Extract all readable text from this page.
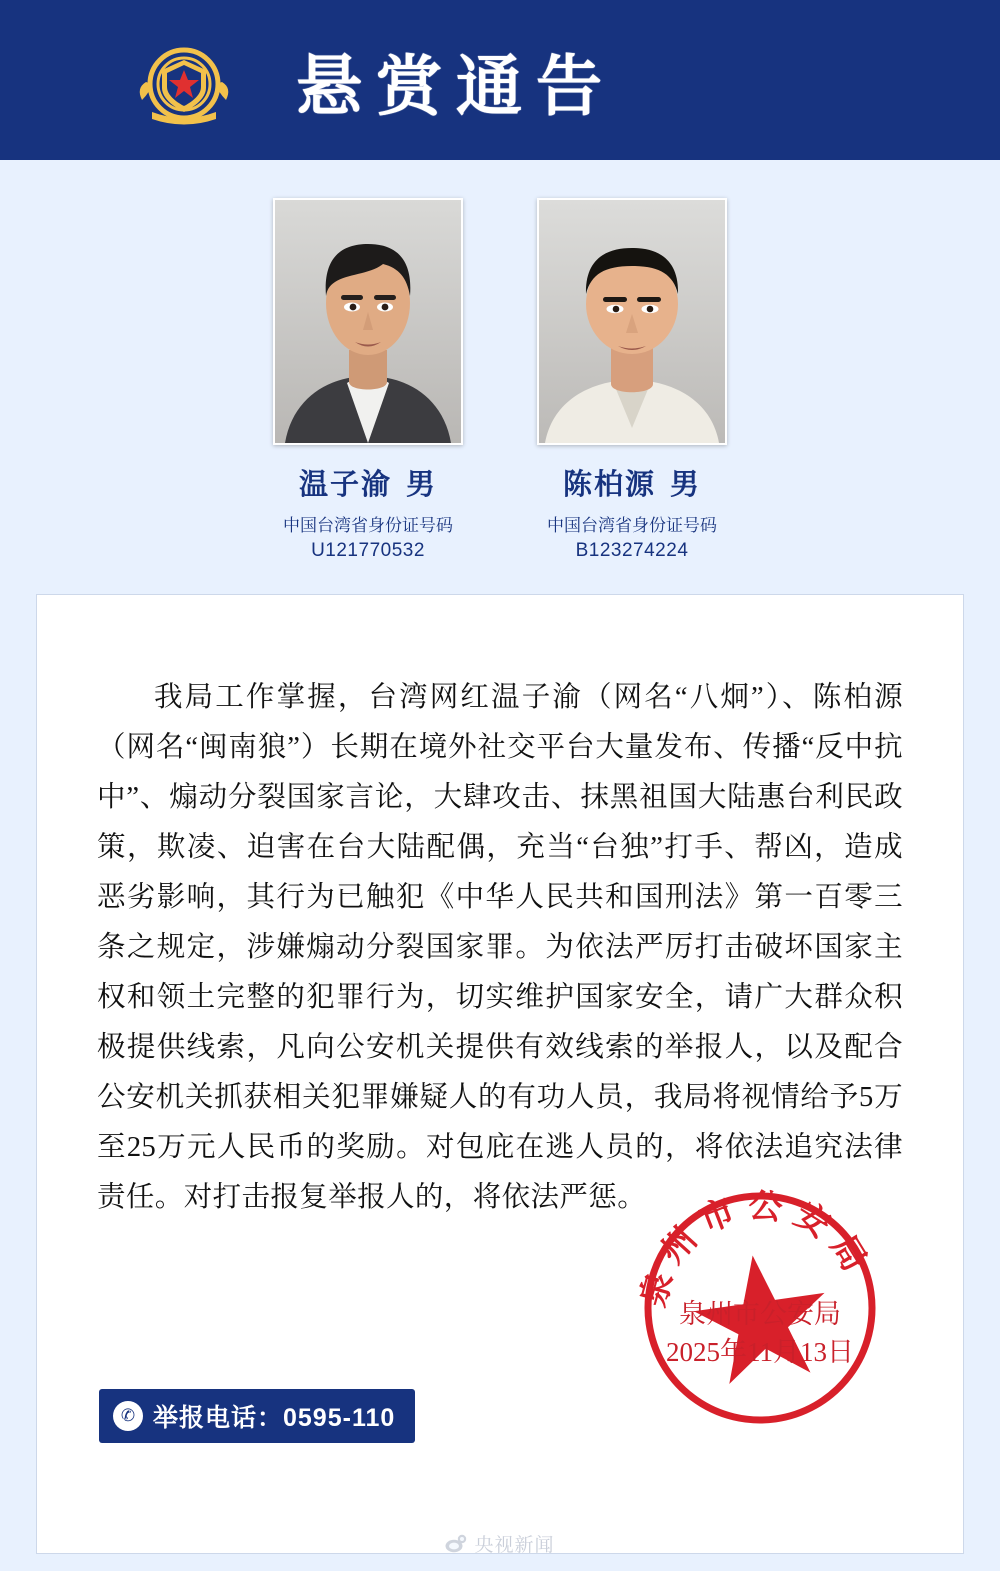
悬赏通告
温子渝 男
中国台湾省身份证号码
U121770532
陈柏源 男
中国台湾省身份证号码
B123274224
我局工作掌握，台湾网红温子渝（网名“八炯”）、陈柏源（网名“闽南狼”）长期在境外社交平台大量发布、传播“反中抗中”、煽动分裂国家言论，大肆攻击、抹黑祖国大陆惠台利民政策，欺凌、迫害在台大陆配偶，充当“台独”打手、帮凶，造成恶劣影响，其行为已触犯《中华人民共和国刑法》第一百零三条之规定，涉嫌煽动分裂国家罪。为依法严厉打击破坏国家主权和领土完整的犯罪行为，切实维护国家安全，请广大群众积极提供线索，凡向公安机关提供有效线索的举报人，以及配合公安机关抓获相关犯罪嫌疑人的有功人员，我局将视情给予5万至25万元人民币的奖励。对包庇在逃人员的，将依法追究法律责任。对打击报复举报人的，将依法严惩。
泉州市公安局
泉州市公安局
2025年11月13日
✆ 举报电话：0595-110
央视新闻
